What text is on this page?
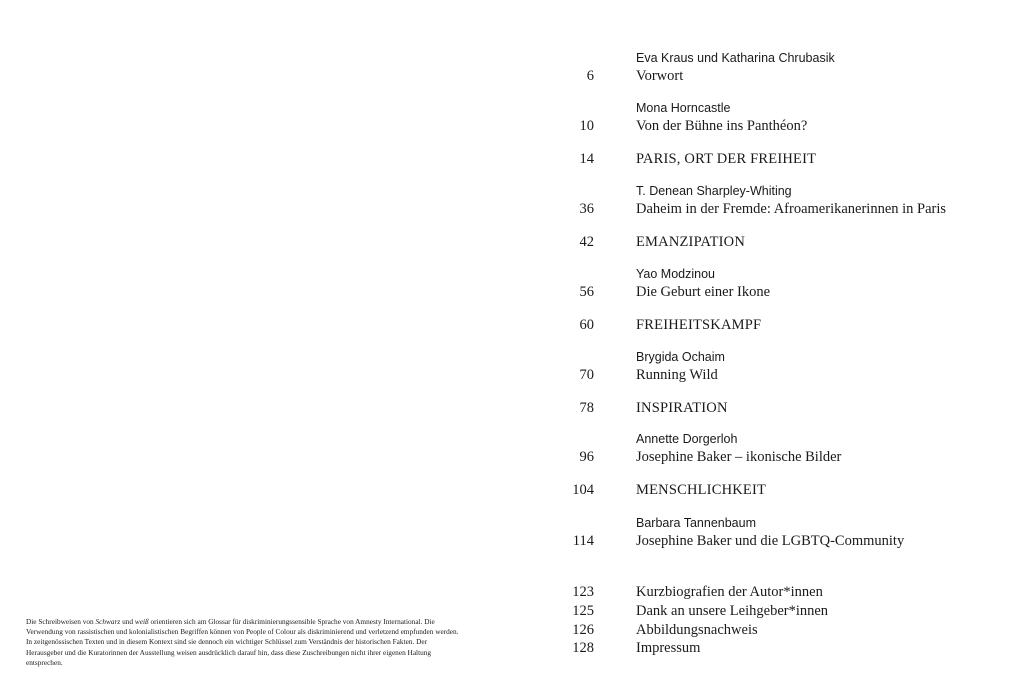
Eva Kraus und Katharina Chrubasik
6	Vorwort
Mona Horncastle
10	Von der Bühne ins Panthéon?
14	PARIS, ORT DER FREIHEIT
T. Denean Sharpley-Whiting
36	Daheim in der Fremde: Afroamerikanerinnen in Paris
42	EMANZIPATION
Yao Modzinou
56	Die Geburt einer Ikone
60	FREIHEITSKAMPF
Brygida Ochaim
70	Running Wild
78	INSPIRATION
Annette Dorgerloh
96	Josephine Baker – ikonische Bilder
104	MENSCHLICHKEIT
Barbara Tannenbaum
114	Josephine Baker und die LGBTQ-Community
123	Kurzbiografien der Autor*innen
125	Dank an unsere Leihgeber*innen
126	Abbildungsnachweis
128	Impressum

Die Schreibweisen von Schwarz und weiß orientieren sich am Glossar für diskriminierungssensible Sprache von Amnesty International. Die Verwendung von rassistischen und kolonialistischen Begriffen können von People of Colour als diskriminierend und verletzend empfunden werden. In zeitgenössischen Texten und in diesem Kontext sind sie dennoch ein wichtiger Schlüssel zum Verständnis der historischen Fakten. Der Herausgeber und die Kuratorinnen der Ausstellung weisen ausdrücklich darauf hin, dass diese Zuschreibungen nicht ihrer eigenen Haltung entsprechen.
